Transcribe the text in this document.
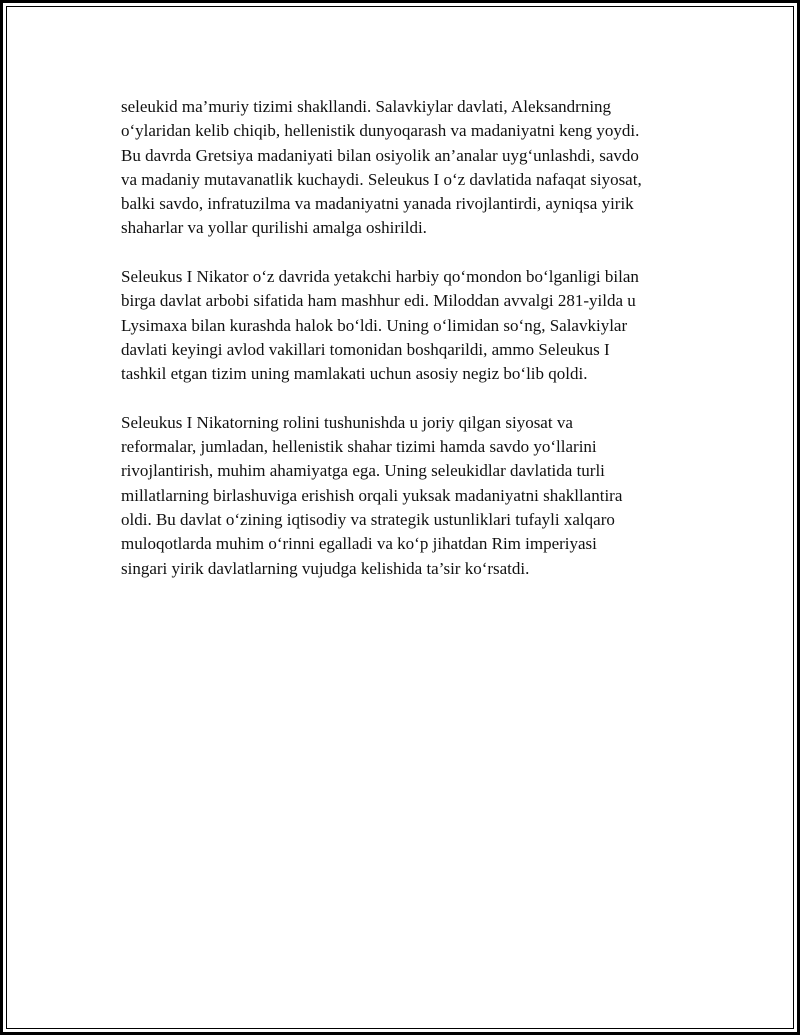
seleukid ma’muriy tizimi shakllandi. Salavkiylar davlati, Aleksandrning
o‘ylaridan kelib chiqib, hellenistik dunyoqarash va madaniyatni keng yoydi.
Bu davrda Gretsiya madaniyati bilan osiyolik an’analar uyg‘unlashdi, savdo
va madaniy mutavanatlik kuchaydi. Seleukus I o‘z davlatida nafaqat siyosat,
balki savdo, infratuzilma va madaniyatni yanada rivojlantirdi, ayniqsa yirik
shaharlar va yollar qurilishi amalga oshirildi.

Seleukus I Nikator o‘z davrida yetakchi harbiy qo‘mondon bo‘lganligi bilan
birga davlat arbobi sifatida ham mashhur edi. Miloddan avvalgi 281-yilda u
Lysimaxa bilan kurashda halok bo‘ldi. Uning o‘limidan so‘ng, Salavkiylar
davlati keyingi avlod vakillari tomonidan boshqarildi, ammo Seleukus I
tashkil etgan tizim uning mamlakati uchun asosiy negiz bo‘lib qoldi.

Seleukus I Nikatorning rolini tushunishda u joriy qilgan siyosat va
reformalar, jumladan, hellenistik shahar tizimi hamda savdo yo‘llarini
rivojlantirish, muhim ahamiyatga ega. Uning seleukidlar davlatida turli
millatlarning birlashuviga erishish orqali yuksak madaniyatni shakllantira
oldi. Bu davlat o‘zining iqtisodiy va strategik ustunliklari tufayli xalqaro
muloqotlarda muhim o‘rinni egalladi va ko‘p jihatdan Rim imperiyasi
singari yirik davlatlarning vujudga kelishida ta’sir ko‘rsatdi.
